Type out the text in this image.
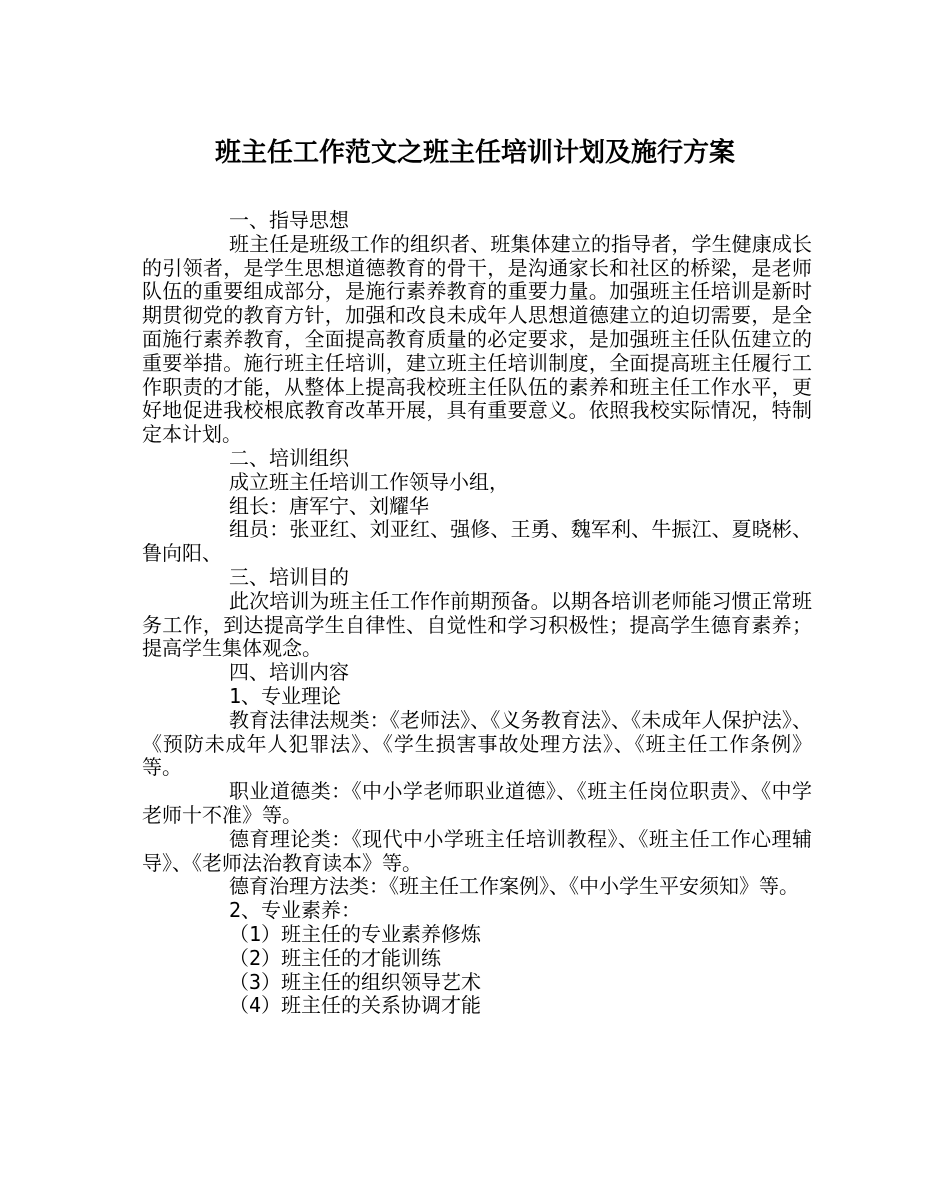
班主任工作范文之班主任培训计划及施行方案

一、指导思想

班主任是班级工作的组织者、班集体建立的指导者，学生健康成长的引领者，是学生思想道德教育的骨干，是沟通家长和社区的桥梁，是老师队伍的重要组成部分，是施行素养教育的重要力量。加强班主任培训是新时期贯彻党的教育方针，加强和改良未成年人思想道德建立的迫切需要，是全面施行素养教育，全面提高教育质量的必定要求，是加强班主任队伍建立的重要举措。施行班主任培训，建立班主任培训制度，全面提高班主任履行工作职责的才能，从整体上提高我校班主任队伍的素养和班主任工作水平，更好地促进我校根底教育改革开展，具有重要意义。依照我校实际情况，特制定本计划。

二、培训组织

成立班主任培训工作领导小组，

组长：唐军宁、刘耀华

组员：张亚红、刘亚红、强修、王勇、魏军利、牛振江、夏晓彬、鲁向阳、

三、培训目的

此次培训为班主任工作作前期预备。以期各培训老师能习惯正常班务工作，到达提高学生自律性、自觉性和学习积极性；提高学生德育素养；提高学生集体观念。

四、培训内容

1、专业理论

教育法律法规类：《老师法》、《义务教育法》、《未成年人保护法》、《预防未成年人犯罪法》、《学生损害事故处理方法》、《班主任工作条例》等。

职业道德类：《中小学老师职业道德》、《班主任岗位职责》、《中学老师十不准》等。

德育理论类：《现代中小学班主任培训教程》、《班主任工作心理辅导》、《老师法治教育读本》等。

德育治理方法类：《班主任工作案例》、《中小学生平安须知》等。

2、专业素养：

（1）班主任的专业素养修炼

（2）班主任的才能训练

（3）班主任的组织领导艺术

（4）班主任的关系协调才能
